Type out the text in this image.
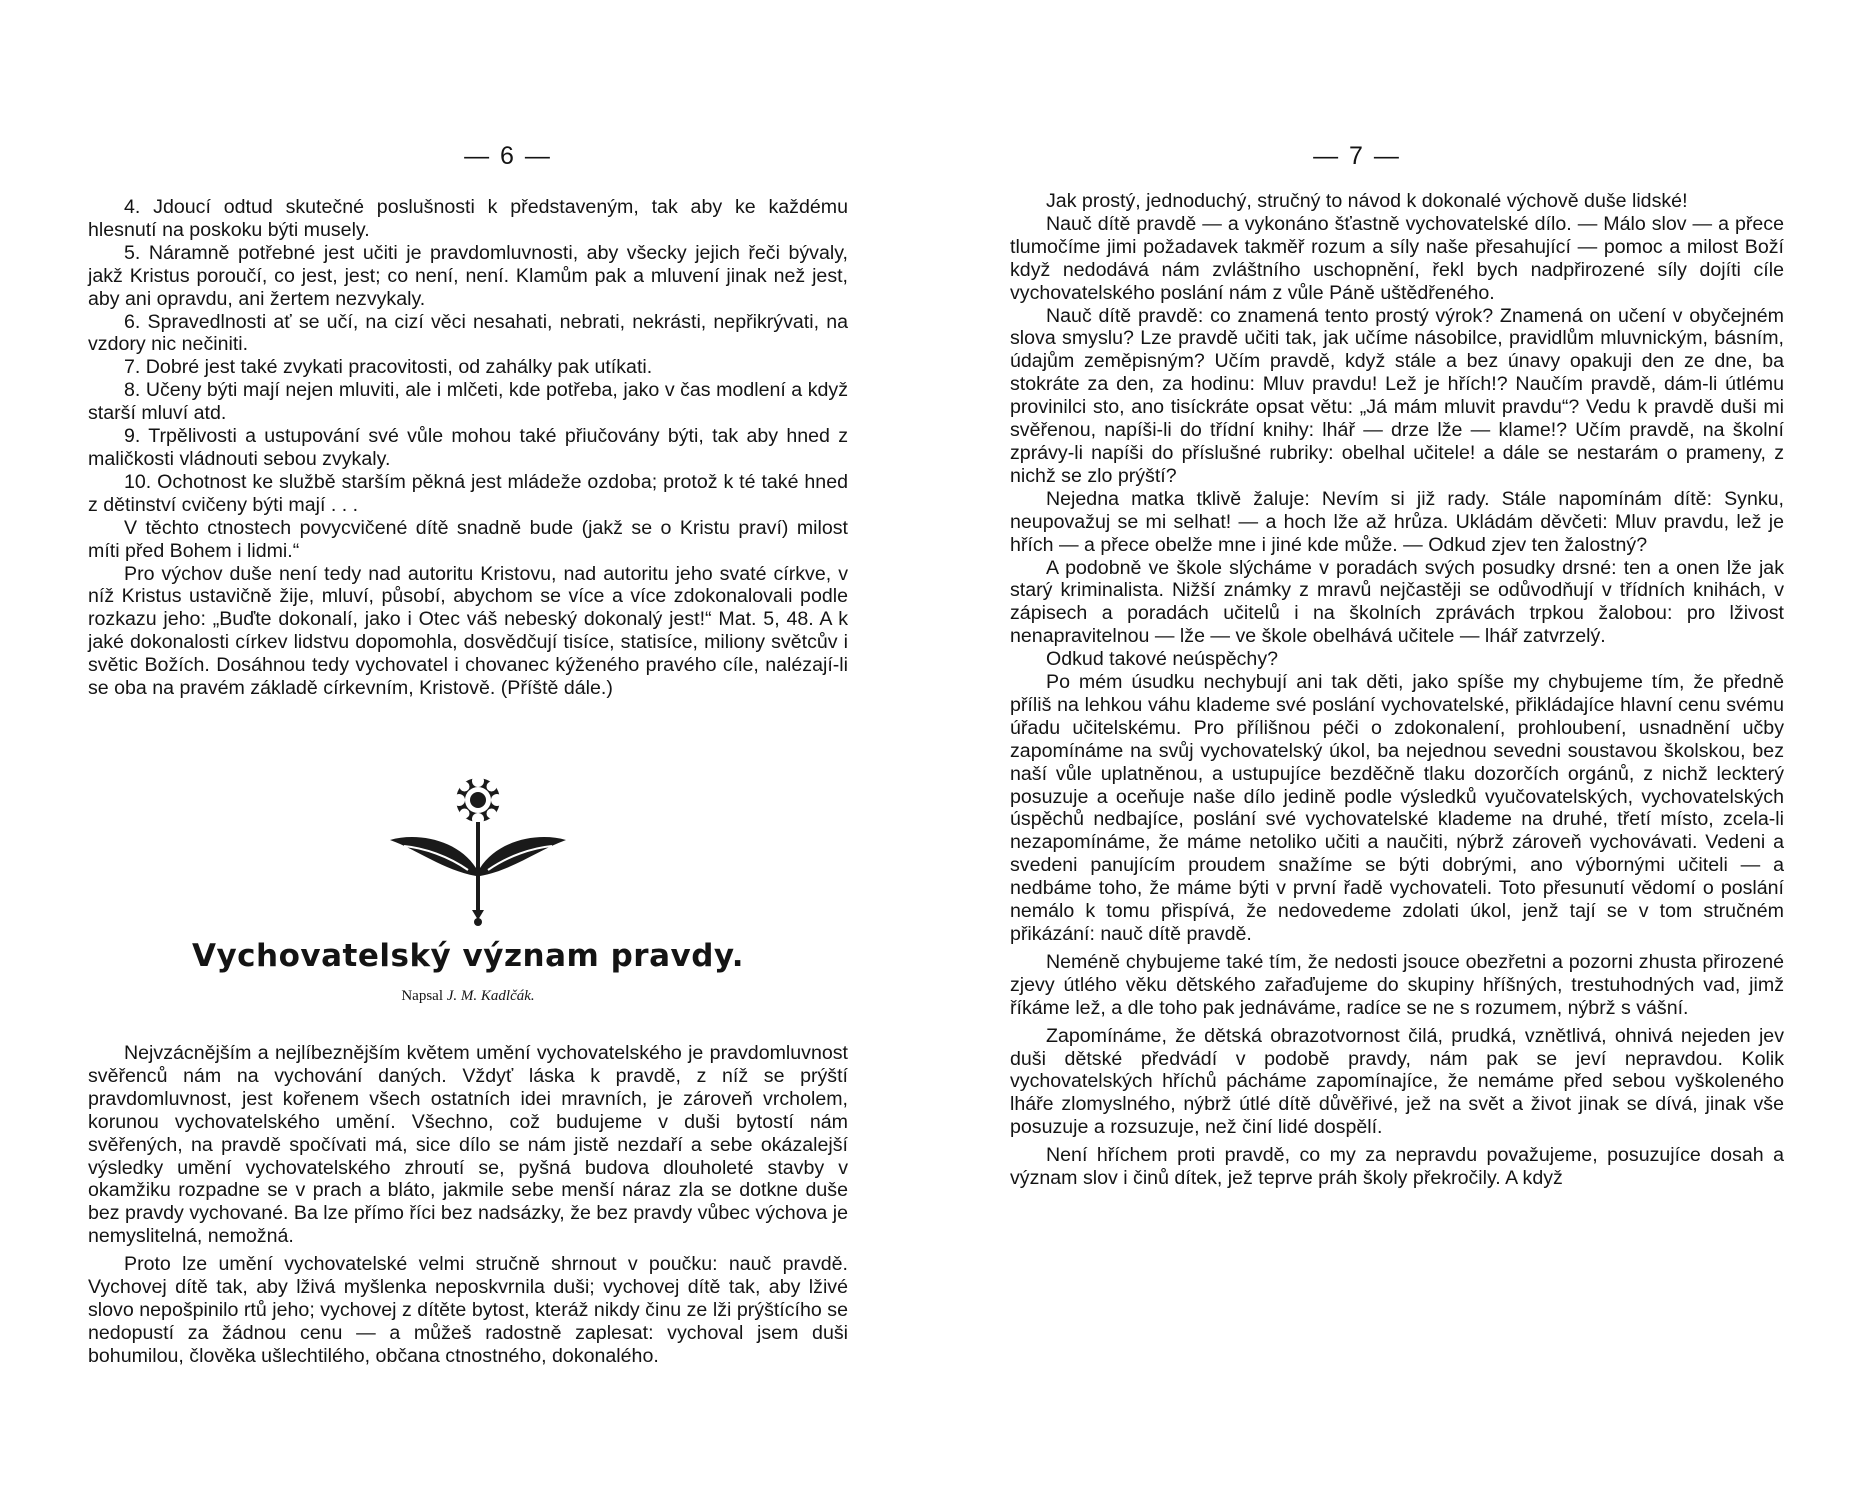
— 6 —

4. Jdoucí odtud skutečné poslušnosti k představeným, tak aby ke každému hlesnutí na poskoku býti musely.

5. Náramně potřebné jest učiti je pravdomluvnosti, aby všecky jejich řeči bývaly, jakž Kristus poroučí, co jest, jest; co není, není. Klamům pak a mluvení jinak než jest, aby ani opravdu, ani žertem nezvykaly.

6. Spravedlnosti ať se učí, na cizí věci nesahati, nebrati, nekrásti, nepřikrývati, na vzdory nic nečiniti.

7. Dobré jest také zvykati pracovitosti, od zahálky pak utíkati.

8. Učeny býti mají nejen mluviti, ale i mlčeti, kde potřeba, jako v čas modlení a když starší mluví atd.

9. Trpělivosti a ustupování své vůle mohou také přiučovány býti, tak aby hned z maličkosti vládnouti sebou zvykaly.

10. Ochotnost ke službě starším pěkná jest mládeže ozdoba; protož k té také hned z dětinství cvičeny býti mají . . .

V těchto ctnostech povycvičené dítě snadně bude (jakž se o Kristu praví) milost míti před Bohem i lidmi.“

Pro výchov duše není tedy nad autoritu Kristovu, nad autoritu jeho svaté církve, v níž Kristus ustavičně žije, mluví, působí, abychom se více a více zdokonalovali podle rozkazu jeho: „Buďte dokonalí, jako i Otec váš nebeský dokonalý jest!“ Mat. 5, 48. A k jaké dokonalosti církev lidstvu dopomohla, dosvědčují tisíce, statisíce, miliony světcův i světic Božích. Dosáhnou tedy vychovatel i chovanec kýženého pravého cíle, nalézají-li se oba na pravém základě církevním, Kristově. (Příště dále.)

Vychovatelský význam pravdy.
Napsal J. M. Kadlčák.

Nejvzácnějším a nejlíbeznějším květem umění vychovatelského je pravdomluvnost svěřenců nám na vychování daných. Vždyť láska k pravdě, z níž se prýští pravdomluvnost, jest kořenem všech ostatních idei mravních, je zároveň vrcholem, korunou vychovatelského umění. Všechno, což budujeme v duši bytostí nám svěřených, na pravdě spočívati má, sice dílo se nám jistě nezdaří a sebe okázalejší výsledky umění vychovatelského zhroutí se, pyšná budova dlouholeté stavby v okamžiku rozpadne se v prach a bláto, jakmile sebe menší náraz zla se dotkne duše bez pravdy vychované. Ba lze přímo říci bez nadsázky, že bez pravdy vůbec výchova je nemyslitelná, nemožná.

Proto lze umění vychovatelské velmi stručně shrnout v poučku: nauč pravdě. Vychovej dítě tak, aby lživá myšlenka neposkvrnila duši; vychovej dítě tak, aby lživé slovo nepošpinilo rtů jeho; vychovej z dítěte bytost, kteráž nikdy činu ze lži prýštícího se nedopustí za žádnou cenu — a můžeš radostně zaplesat: vychoval jsem duši bohumilou, člověka ušlechtilého, občana ctnostného, dokonalého.

— 7 —

Jak prostý, jednoduchý, stručný to návod k dokonalé výchově duše lidské!

Nauč dítě pravdě — a vykonáno šťastně vychovatelské dílo. — Málo slov — a přece tlumočíme jimi požadavek takměř rozum a síly naše přesahující — pomoc a milost Boží když nedodává nám zvláštního uschopnění, řekl bych nadpřirozené síly dojíti cíle vychovatelského poslání nám z vůle Páně uštědřeného.

Nauč dítě pravdě: co znamená tento prostý výrok? Znamená on učení v obyčejném slova smyslu? Lze pravdě učiti tak, jak učíme násobilce, pravidlům mluvnickým, básním, údajům zeměpisným? Učím pravdě, když stále a bez únavy opakuji den ze dne, ba stokráte za den, za hodinu: Mluv pravdu! Lež je hřích!? Naučím pravdě, dám-li útlému provinilci sto, ano tisíckráte opsat větu: „Já mám mluvit pravdu“? Vedu k pravdě duši mi svěřenou, napíši-li do třídní knihy: lhář — drze lže — klame!? Učím pravdě, na školní zprávy-li napíši do příslušné rubriky: obelhal učitele! a dále se nestarám o prameny, z nichž se zlo prýští?

Nejedna matka tklivě žaluje: Nevím si již rady. Stále napomínám dítě: Synku, neupovažuj se mi selhat! — a hoch lže až hrůza. Ukládám děvčeti: Mluv pravdu, lež je hřích — a přece obelže mne i jiné kde může. — Odkud zjev ten žalostný?

A podobně ve škole slýcháme v poradách svých posudky drsné: ten a onen lže jak starý kriminalista. Nižší známky z mravů nejčastěji se odůvodňují v třídních knihách, v zápisech a poradách učitelů i na školních zprávách trpkou žalobou: pro lživost nenapravitelnou — lže — ve škole obelhává učitele — lhář zatvrzelý.

Odkud takové neúspěchy?

Po mém úsudku nechybují ani tak děti, jako spíše my chybujeme tím, že předně příliš na lehkou váhu klademe své poslání vychovatelské, přikládajíce hlavní cenu svému úřadu učitelskému. Pro přílišnou péči o zdokonalení, prohloubení, usnadnění učby zapomínáme na svůj vychovatelský úkol, ba nejednou sevedni soustavou školskou, bez naší vůle uplatněnou, a ustupujíce bezděčně tlaku dozorčích orgánů, z nichž leckterý posuzuje a oceňuje naše dílo jedině podle výsledků vyučovatelských, vychovatelských úspěchů nedbajíce, poslání své vychovatelské klademe na druhé, třetí místo, zcela-li nezapomínáme, že máme netoliko učiti a naučiti, nýbrž zároveň vychovávati. Vedeni a svedeni panujícím proudem snažíme se býti dobrými, ano výbornými učiteli — a nedbáme toho, že máme býti v první řadě vychovateli. Toto přesunutí vědomí o poslání nemálo k tomu přispívá, že nedovedeme zdolati úkol, jenž tají se v tom stručném přikázání: nauč dítě pravdě.

Neméně chybujeme také tím, že nedosti jsouce obezřetni a pozorni zhusta přirozené zjevy útlého věku dětského zařaďujeme do skupiny hříšných, trestuhodných vad, jimž říkáme lež, a dle toho pak jednáváme, radíce se ne s rozumem, nýbrž s vášní.

Zapomínáme, že dětská obrazotvornost čilá, prudká, vznětlivá, ohnivá nejeden jev duši dětské předvádí v podobě pravdy, nám pak se jeví nepravdou. Kolik vychovatelských hříchů pácháme zapomínajíce, že nemáme před sebou vyškoleného lháře zlomyslného, nýbrž útlé dítě důvěřivé, jež na svět a život jinak se dívá, jinak vše posuzuje a rozsuzuje, než činí lidé dospělí.

Není hříchem proti pravdě, co my za nepravdu považujeme, posuzujíce dosah a význam slov i činů dítek, jež teprve práh školy překročily. A když
